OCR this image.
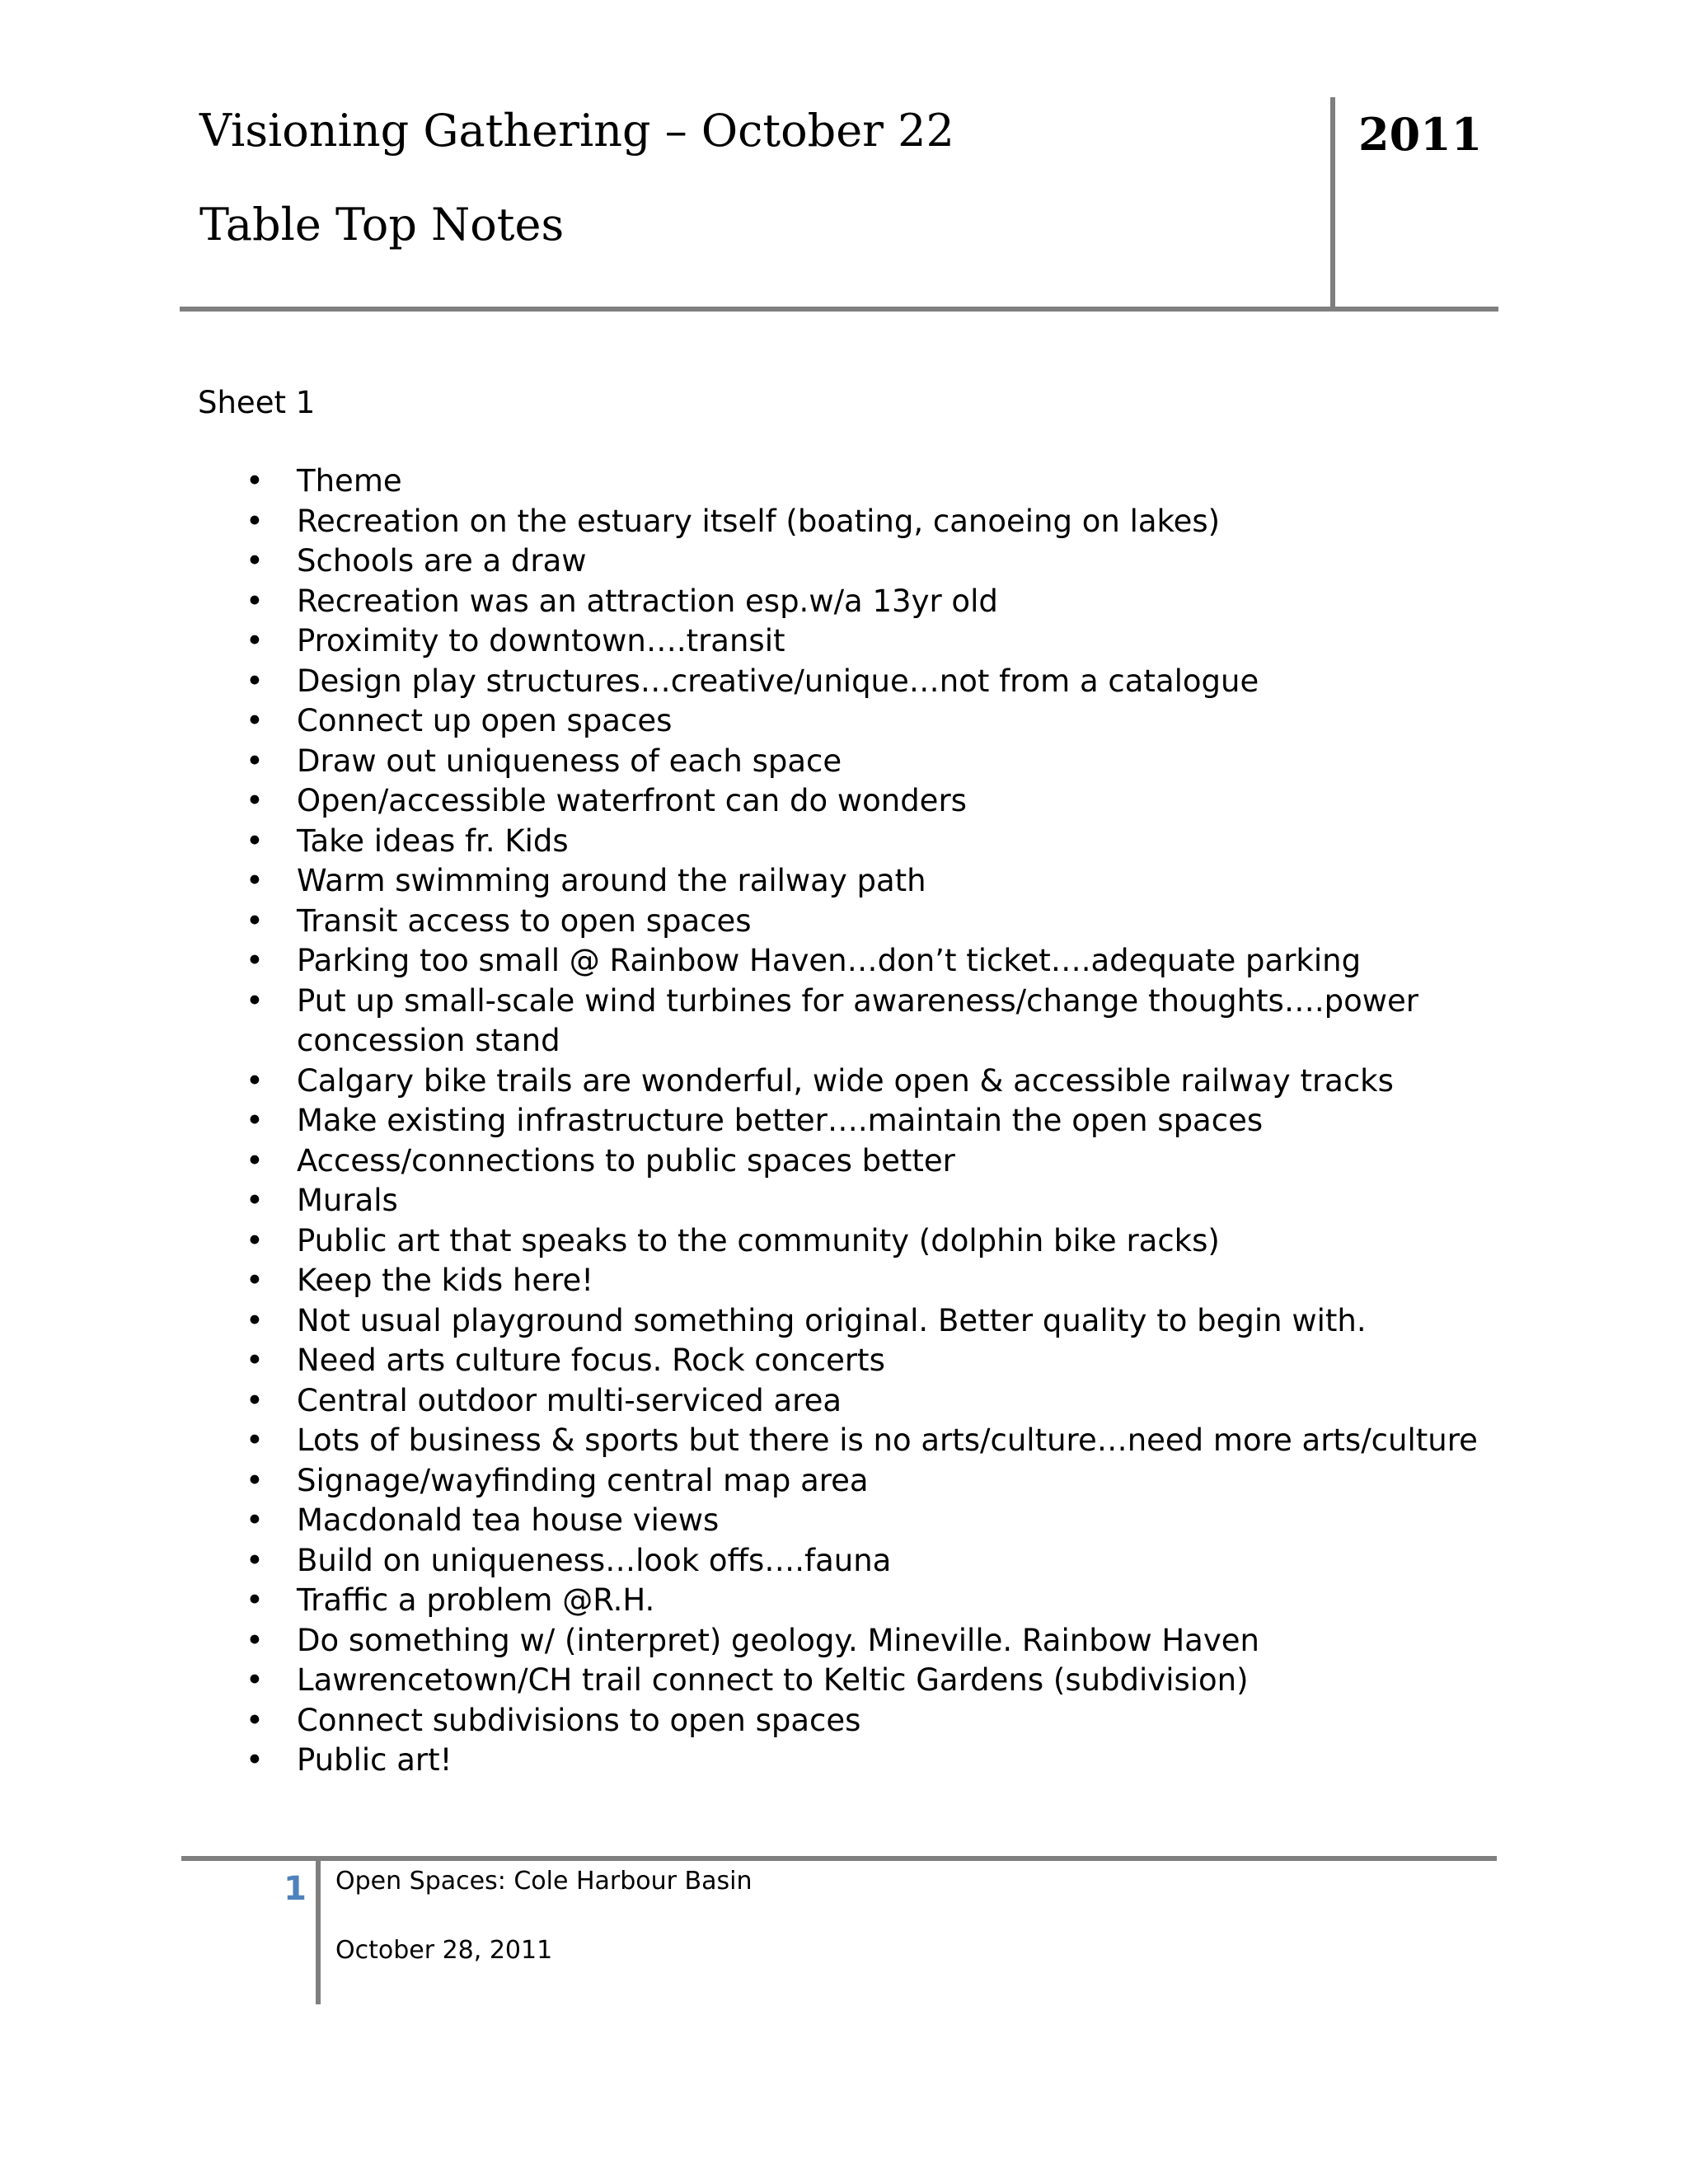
Visioning Gathering – October 22
Table Top Notes
2011
Sheet 1
• Theme
• Recreation on the estuary itself (boating, canoeing on lakes)
• Schools are a draw
• Recreation was an attraction esp.w/a 13yr old
• Proximity to downtown….transit
• Design play structures…creative/unique…not from a catalogue
• Connect up open spaces
• Draw out uniqueness of each space
• Open/accessible waterfront can do wonders
• Take ideas fr. Kids
• Warm swimming around the railway path
• Transit access to open spaces
• Parking too small @ Rainbow Haven…don’t ticket….adequate parking
• Put up small-scale wind turbines for awareness/change thoughts….power concession stand
• Calgary bike trails are wonderful, wide open & accessible railway tracks
• Make existing infrastructure better….maintain the open spaces
• Access/connections to public spaces better
• Murals
• Public art that speaks to the community (dolphin bike racks)
• Keep the kids here!
• Not usual playground something original. Better quality to begin with.
• Need arts culture focus. Rock concerts
• Central outdoor multi-serviced area
• Lots of business & sports but there is no arts/culture…need more arts/culture
• Signage/wayfinding central map area
• Macdonald tea house views
• Build on uniqueness…look offs….fauna
• Traffic a problem @R.H.
• Do something w/ (interpret) geology. Mineville. Rainbow Haven
• Lawrencetown/CH trail connect to Keltic Gardens (subdivision)
• Connect subdivisions to open spaces
• Public art!
1 Open Spaces: Cole Harbour Basin
October 28, 2011
